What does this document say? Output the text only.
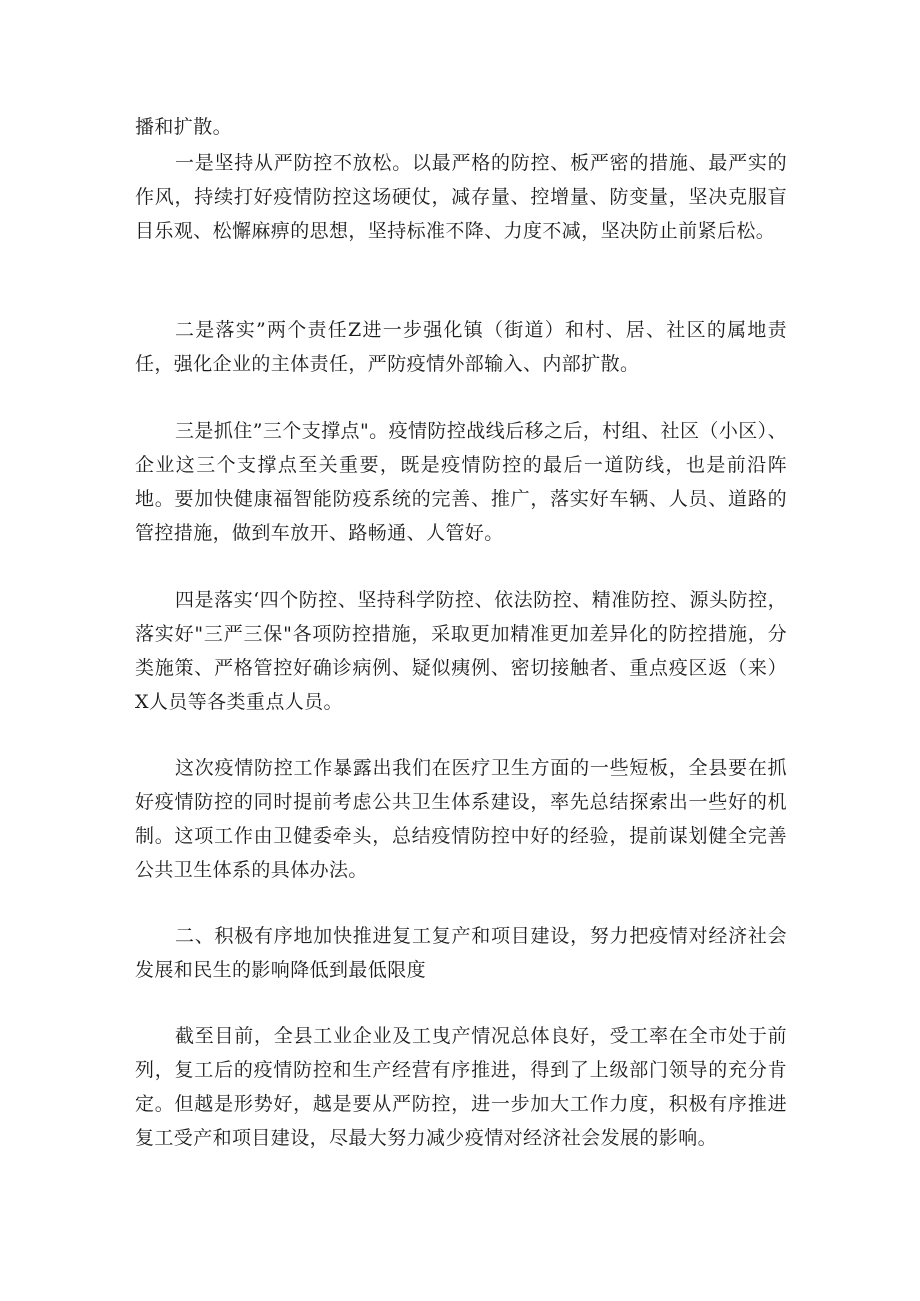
播和扩散。

一是坚持从严防控不放松。以最严格的防控、板严密的措施、最严实的作风，持续打好疫情防控这场硬仗，减存量、控增量、防变量，坚决克服盲目乐观、松懈麻痹的思想，坚持标准不降、力度不减，坚决防止前紧后松。

二是落实”两个责任Z进一步强化镇（街道）和村、居、社区的属地责任，强化企业的主体责任，严防疫情外部输入、内部扩散。

三是抓住”三个支撑点"。疫情防控战线后移之后，村组、社区（小区）、企业这三个支撑点至关重要，既是疫情防控的最后一道防线，也是前沿阵地。要加快健康福智能防疫系统的完善、推广，落实好车辆、人员、道路的管控措施，做到车放开、路畅通、人管好。

四是落实‘四个防控、坚持科学防控、依法防控、精准防控、源头防控，落实好"三严三保"各项防控措施，采取更加精准更加差异化的防控措施，分类施策、严格管控好确诊病例、疑似痍例、密切接触者、重点疫区返（来）X人员等各类重点人员。

这次疫情防控工作暴露出我们在医疗卫生方面的一些短板，全县要在抓好疫情防控的同时提前考虑公共卫生体系建设，率先总结探索出一些好的机制。这项工作由卫健委牵头，总结疫情防控中好的经验，提前谋划健全完善公共卫生体系的具体办法。

二、积极有序地加快推进复工复产和项目建设，努力把疫情对经济社会发展和民生的影响降低到最低限度

截至目前，全县工业企业及工曳产情况总体良好，受工率在全市处于前列，复工后的疫情防控和生产经营有序推进，得到了上级部门领导的充分肯定。但越是形势好，越是要从严防控，进一步加大工作力度，积极有序推进复工受产和项目建设，尽最大努力减少疫情对经济社会发展的影响。
